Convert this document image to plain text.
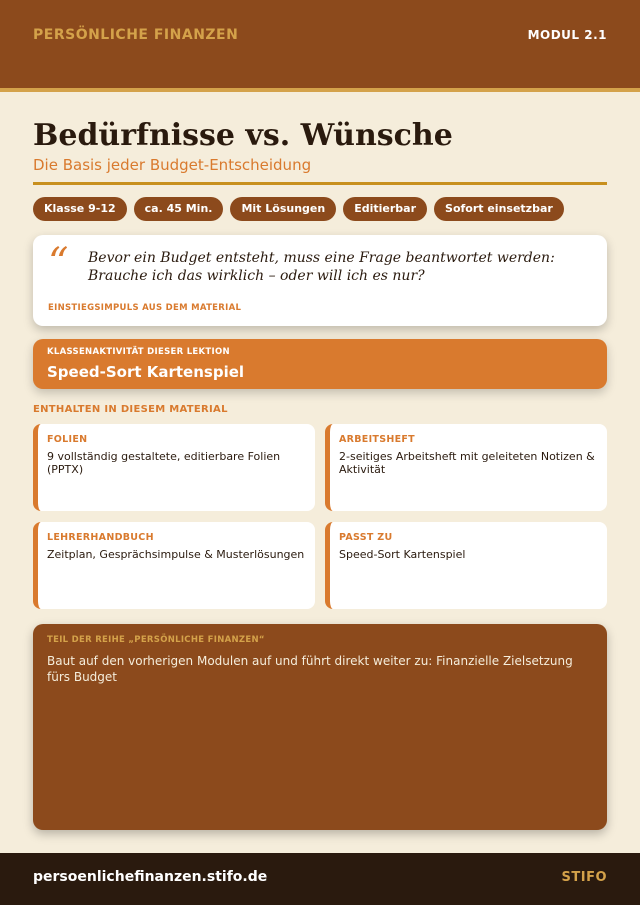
PERSÖNLICHE FINANZEN	MODUL 2.1
Bedürfnisse vs. Wünsche
Die Basis jeder Budget-Entscheidung
Klasse 9-12	ca. 45 Min.	Mit Lösungen	Editierbar	Sofort einsetzbar
“ Bevor ein Budget entsteht, muss eine Frage beantwortet werden: Brauche ich das wirklich – oder will ich es nur?
EINSTIEGSIMPULS AUS DEM MATERIAL
KLASSENAKTIVITÄT DIESER LEKTION
Speed-Sort Kartenspiel
ENTHALTEN IN DIESEM MATERIAL
FOLIEN
9 vollständig gestaltete, editierbare Folien (PPTX)
ARBEITSHEFT
2-seitiges Arbeitsheft mit geleiteten Notizen & Aktivität
LEHRERHANDBUCH
Zeitplan, Gesprächsimpulse & Musterlösungen
PASST ZU
Speed-Sort Kartenspiel
TEIL DER REIHE „PERSÖNLICHE FINANZEN“
Baut auf den vorherigen Modulen auf und führt direkt weiter zu: Finanzielle Zielsetzung fürs Budget
persoenlichefinanzen.stifo.de	STIFO
